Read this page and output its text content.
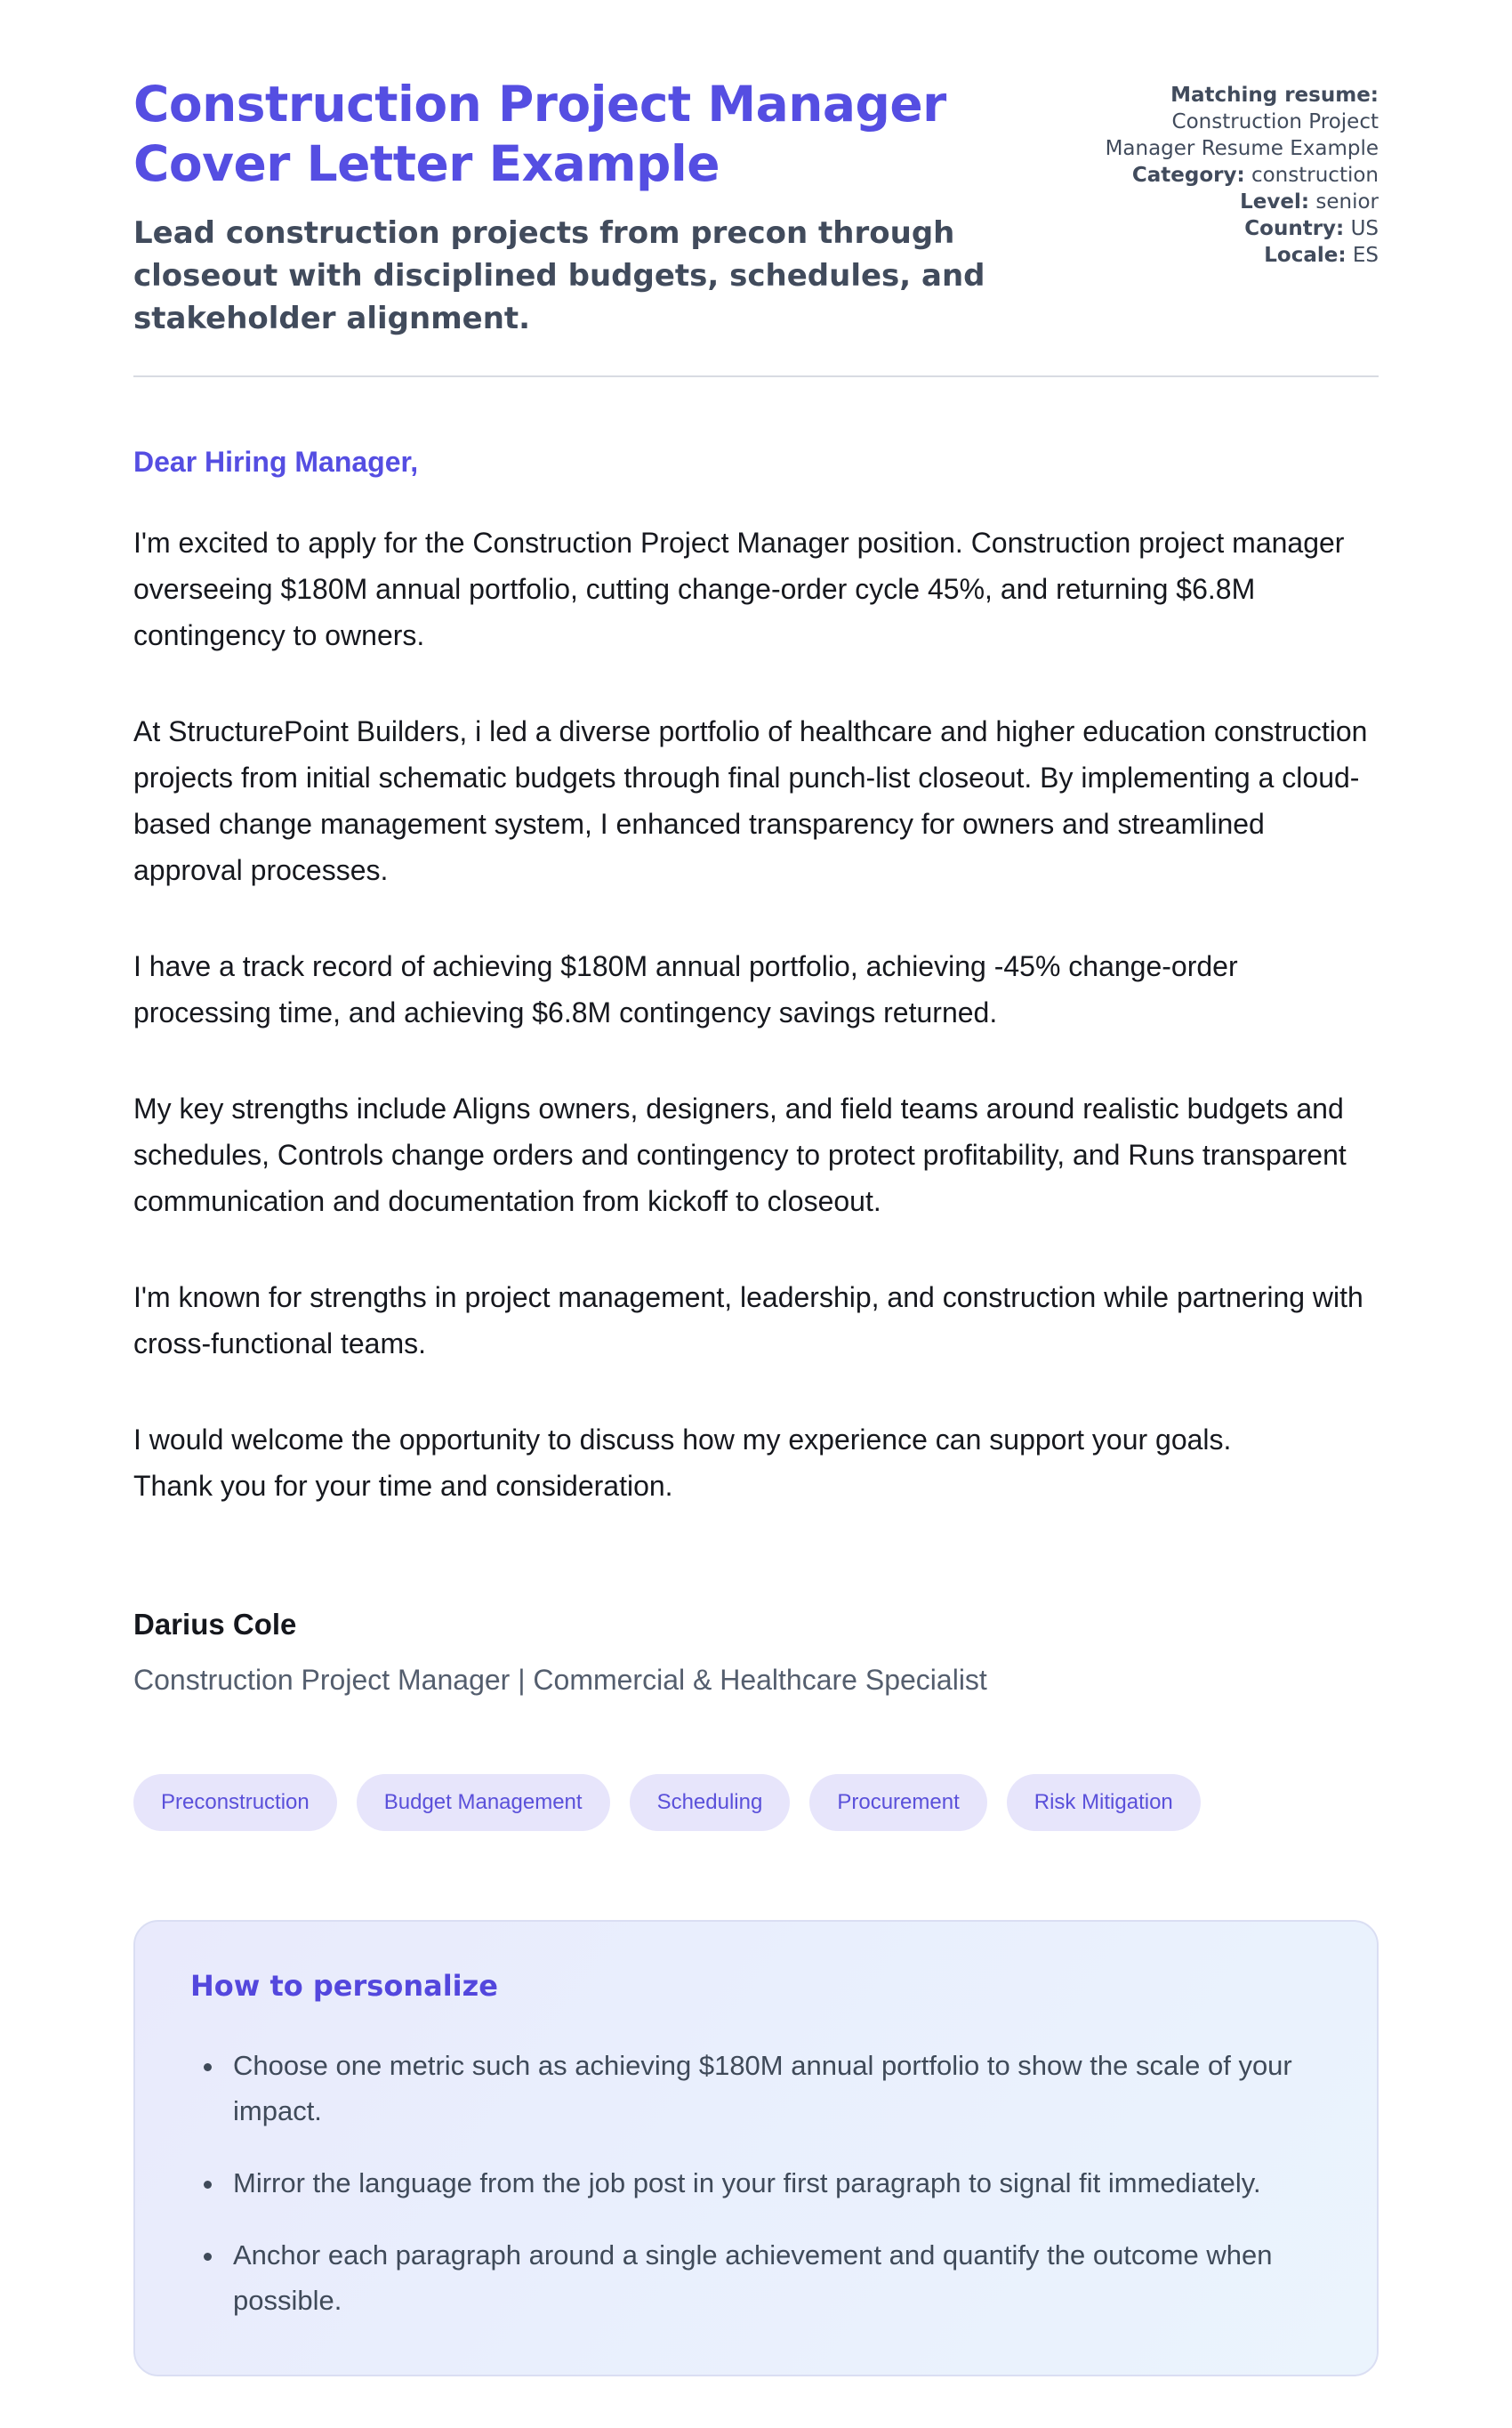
Construction Project Manager Cover Letter Example

Lead construction projects from precon through closeout with disciplined budgets, schedules, and stakeholder alignment.

Matching resume: Construction Project Manager Resume Example
Category: construction
Level: senior
Country: US
Locale: ES

Dear Hiring Manager,

I'm excited to apply for the Construction Project Manager position. Construction project manager overseeing $180M annual portfolio, cutting change-order cycle 45%, and returning $6.8M contingency to owners.

At StructurePoint Builders, i led a diverse portfolio of healthcare and higher education construction projects from initial schematic budgets through final punch-list closeout. By implementing a cloud-based change management system, I enhanced transparency for owners and streamlined approval processes.

I have a track record of achieving $180M annual portfolio, achieving -45% change-order processing time, and achieving $6.8M contingency savings returned.

My key strengths include Aligns owners, designers, and field teams around realistic budgets and schedules, Controls change orders and contingency to protect profitability, and Runs transparent communication and documentation from kickoff to closeout.

I'm known for strengths in project management, leadership, and construction while partnering with cross-functional teams.

I would welcome the opportunity to discuss how my experience can support your goals. Thank you for your time and consideration.

Darius Cole

Construction Project Manager | Commercial & Healthcare Specialist

Preconstruction	Budget Management	Scheduling	Procurement	Risk Mitigation
How to personalize
• Choose one metric such as achieving $180M annual portfolio to show the scale of your impact.
• Mirror the language from the job post in your first paragraph to signal fit immediately.
• Anchor each paragraph around a single achievement and quantify the outcome when possible.
